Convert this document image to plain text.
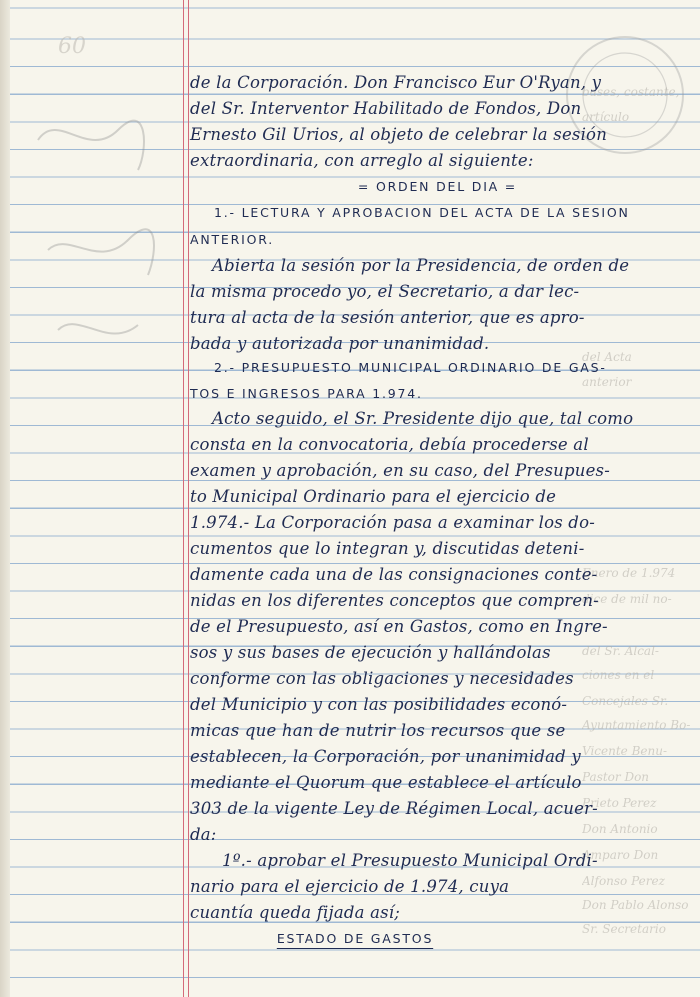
60
bases, costante,
artículo
del Acta
anterior
Enero de 1.974
dice de mil no-
del Sr. Alcal-
ciones en el
Concejales Sr.
Ayuntamiento Bo-
Vicente Benu-
Pastor Don
Prieto Perez
Don Antonio
Amparo Don
Alfonso Perez
Don Pablo Alonso
Sr. Secretario
de la Corporación. Don Francisco Eur O'Ryan, y
del Sr. Interventor Habilitado de Fondos, Don
Ernesto Gil Urios, al objeto de celebrar la sesión
extraordinaria, con arreglo al siguiente:
= ORDEN DEL DIA =
1.- LECTURA Y APROBACION DEL ACTA DE LA SESION
ANTERIOR.
Abierta la sesión por la Presidencia, de orden de
la misma procedo yo, el Secretario, a dar lec-
tura al acta de la sesión anterior, que es apro-
bada y autorizada por unanimidad.
2.- PRESUPUESTO MUNICIPAL ORDINARIO DE GAS-
TOS E INGRESOS PARA 1.974.
Acto seguido, el Sr. Presidente dijo que, tal como
consta en la convocatoria, debía procederse al
examen y aprobación, en su caso, del Presupues-
to Municipal Ordinario para el ejercicio de
1.974.- La Corporación pasa a examinar los do-
cumentos que lo integran y, discutidas deteni-
damente cada una de las consignaciones conte-
nidas en los diferentes conceptos que compren-
de el Presupuesto, así en Gastos, como en Ingre-
sos y sus bases de ejecución y hallándolas
conforme con las obligaciones y necesidades
del Municipio y con las posibilidades econó-
micas que han de nutrir los recursos que se
establecen, la Corporación, por unanimidad y
mediante el Quorum que establece el artículo
303 de la vigente Ley de Régimen Local, acuer-
da:
1º.- aprobar el Presupuesto Municipal Ordi-
nario para el ejercicio de 1.974, cuya
cuantía queda fijada así;
ESTADO DE GASTOS
